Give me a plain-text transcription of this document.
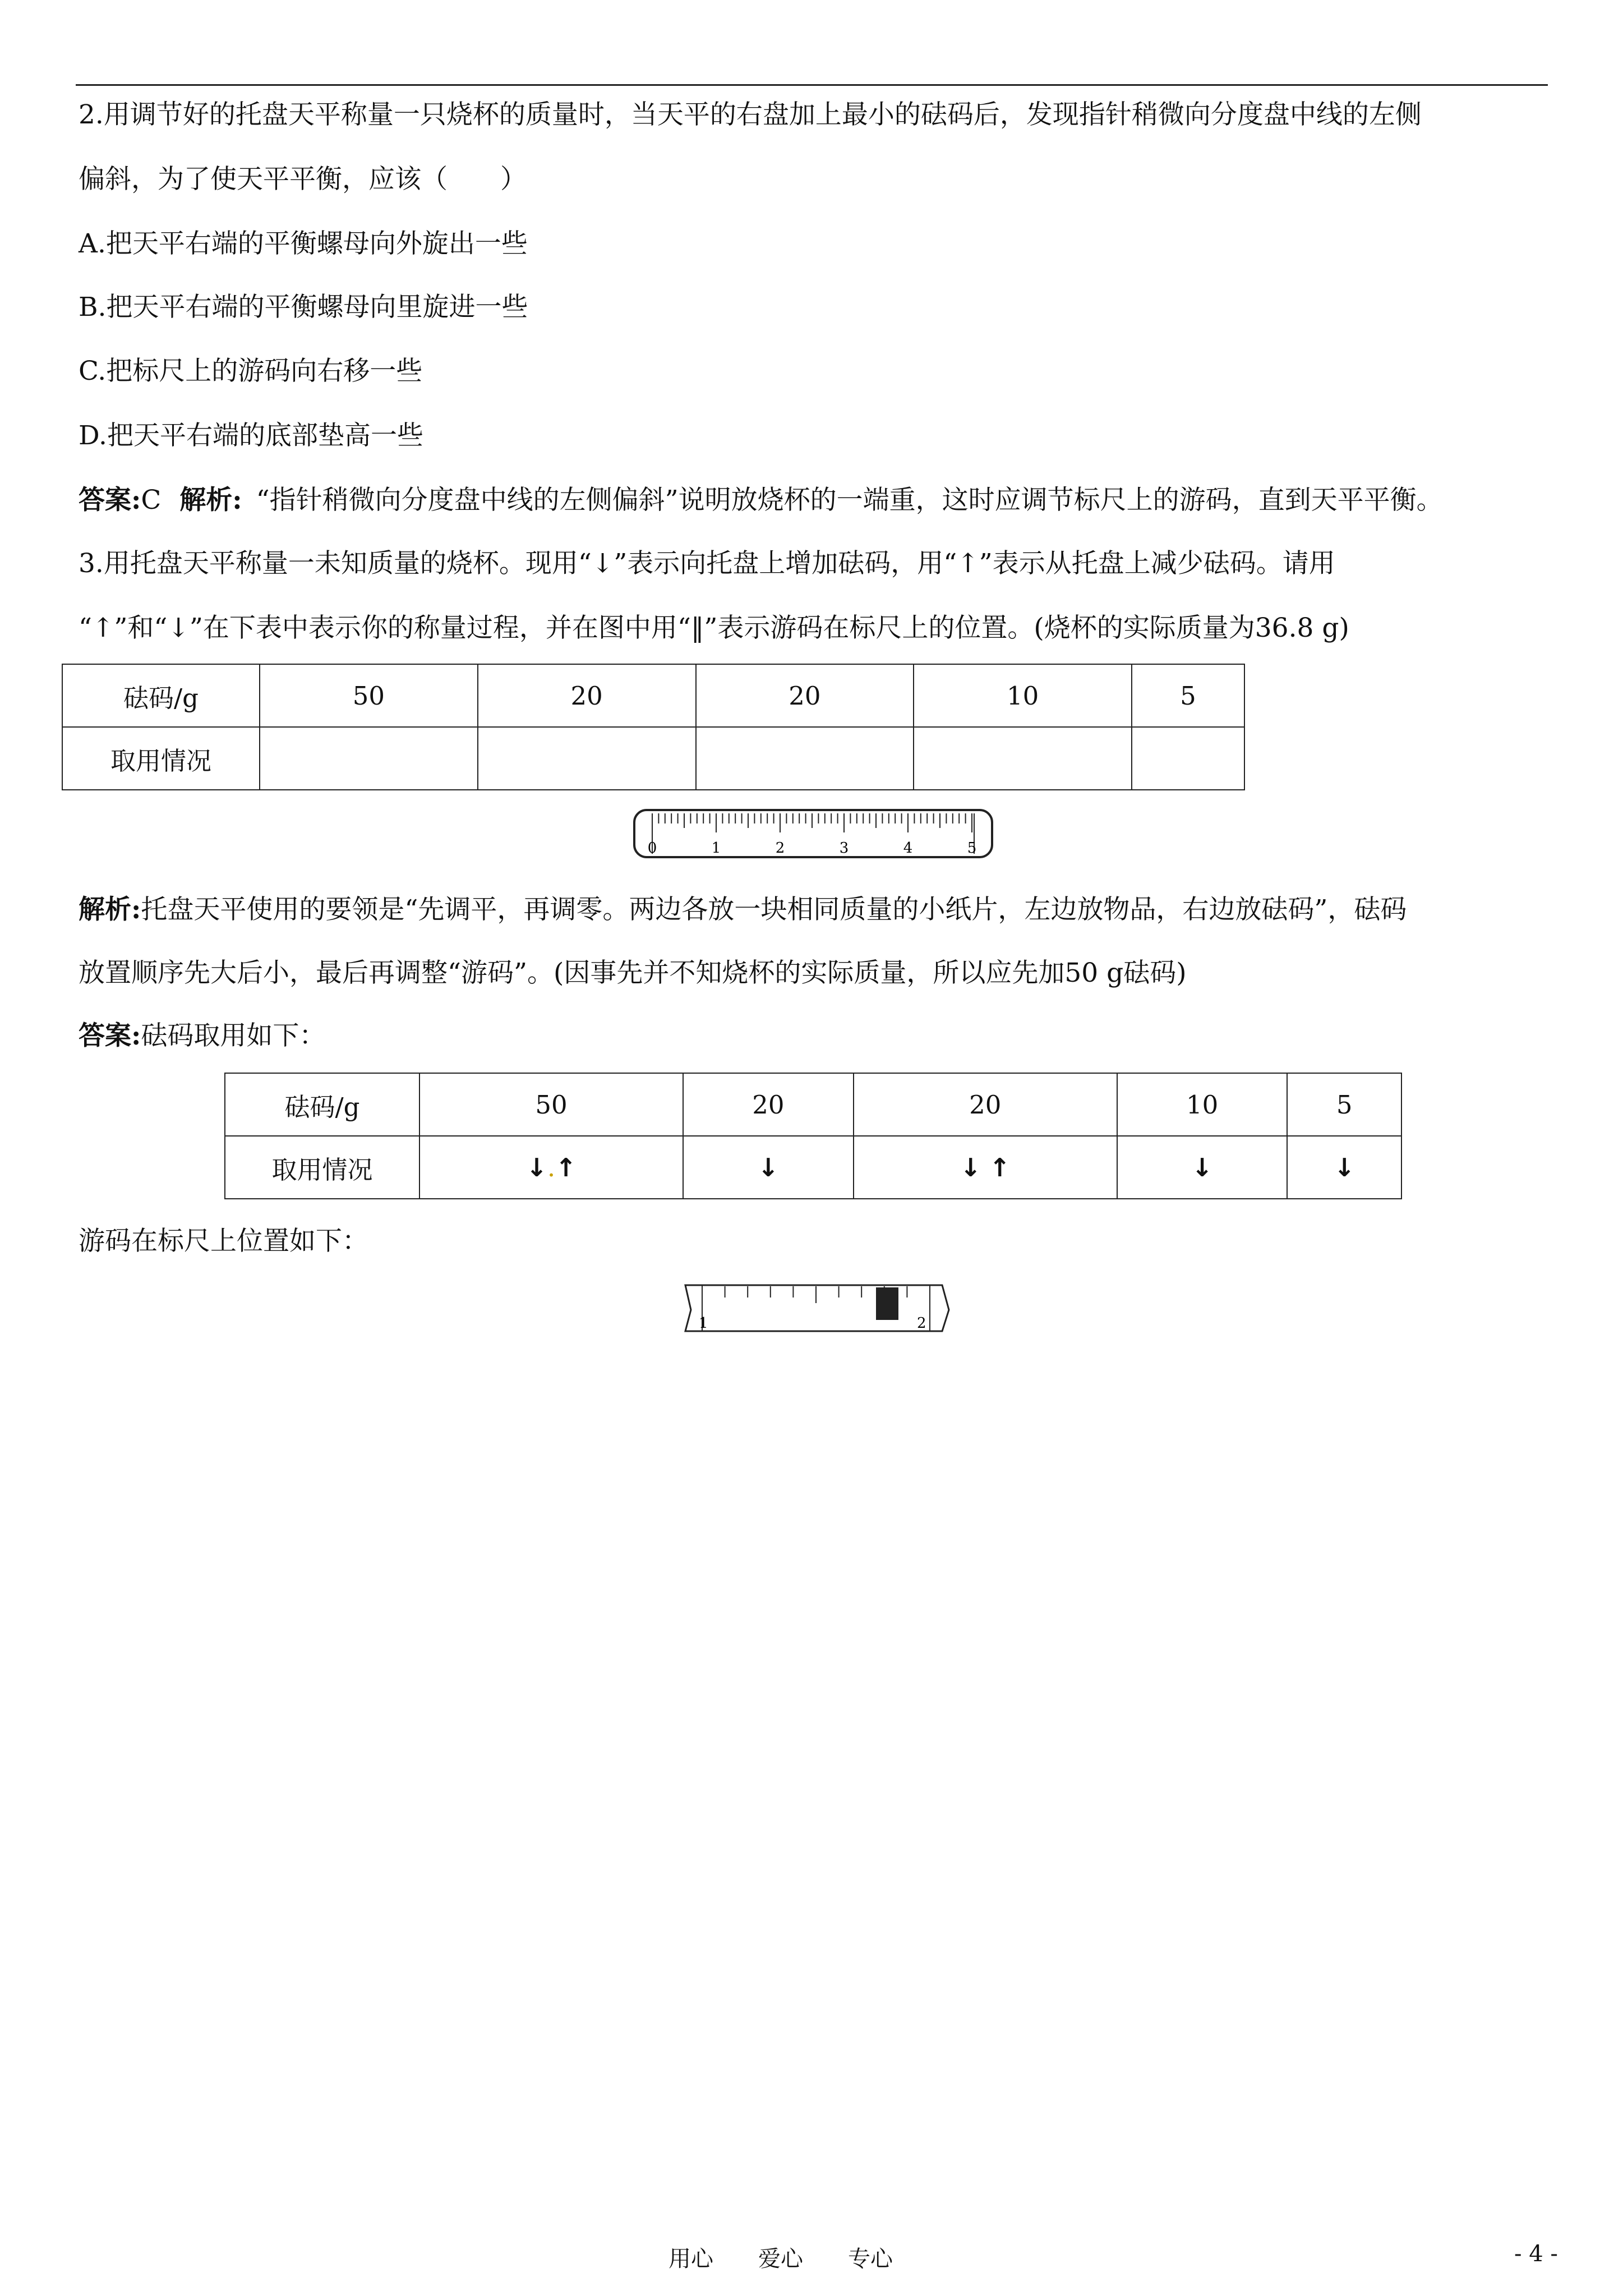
2.用调节好的托盘天平称量一只烧杯的质量时，当天平的右盘加上最小的砝码后，发现指针稍微向分度盘中线的左侧
偏斜，为了使天平平衡，应该（　　）
A.把天平右端的平衡螺母向外旋出一些
B.把天平右端的平衡螺母向里旋进一些
C.把标尺上的游码向右移一些
D.把天平右端的底部垫高一些
答案:C 解析: “指针稍微向分度盘中线的左侧偏斜”说明放烧杯的一端重，这时应调节标尺上的游码，直到天平平衡。
3.用托盘天平称量一未知质量的烧杯。现用“↓”表示向托盘上增加砝码，用“↑”表示从托盘上减少砝码。请用
“↑”和“↓”在下表中表示你的称量过程，并在图中用“‖”表示游码在标尺上的位置。(烧杯的实际质量为36.8 g)
砝码/g	50	20	20	10	5
取用情况					
0	1	2	3	4	5
解析:托盘天平使用的要领是“先调平，再调零。两边各放一块相同质量的小纸片，左边放物品，右边放砝码”，砝码
放置顺序先大后小，最后再调整“游码”。(因事先并不知烧杯的实际质量，所以应先加50 g砝码)
答案:砝码取用如下：
砝码/g	50	20	20	10	5
取用情况	↓.↑	↓	↓ ↑	↓	↓
游码在标尺上位置如下：
1	2
用心　　爱心　　专心	- 4 -
